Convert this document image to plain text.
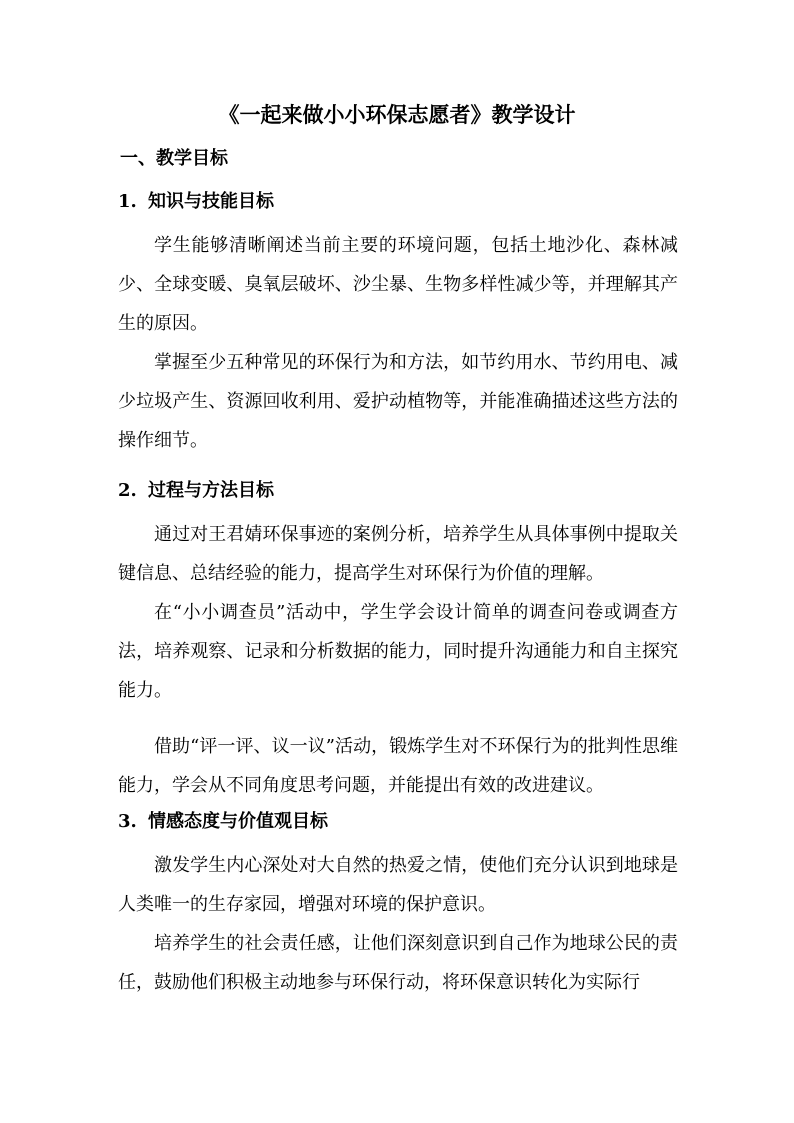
《一起来做小小环保志愿者》教学设计
一、教学目标
1. 知识与技能目标

学生能够清晰阐述当前主要的环境问题，包括土地沙化、森林减少、全球变暖、臭氧层破坏、沙尘暴、生物多样性减少等，并理解其产生的原因。

掌握至少五种常见的环保行为和方法，如节约用水、节约用电、减少垃圾产生、资源回收利用、爱护动植物等，并能准确描述这些方法的操作细节。

2. 过程与方法目标

通过对王君婧环保事迹的案例分析，培养学生从具体事例中提取关键信息、总结经验的能力，提高学生对环保行为价值的理解。

在“小小调查员”活动中，学生学会设计简单的调查问卷或调查方法，培养观察、记录和分析数据的能力，同时提升沟通能力和自主探究能力。

借助“评一评、议一议”活动，锻炼学生对不环保行为的批判性思维能力，学会从不同角度思考问题，并能提出有效的改进建议。

3. 情感态度与价值观目标

激发学生内心深处对大自然的热爱之情，使他们充分认识到地球是人类唯一的生存家园，增强对环境的保护意识。

培养学生的社会责任感，让他们深刻意识到自己作为地球公民的责任，鼓励他们积极主动地参与环保行动，将环保意识转化为实际行
